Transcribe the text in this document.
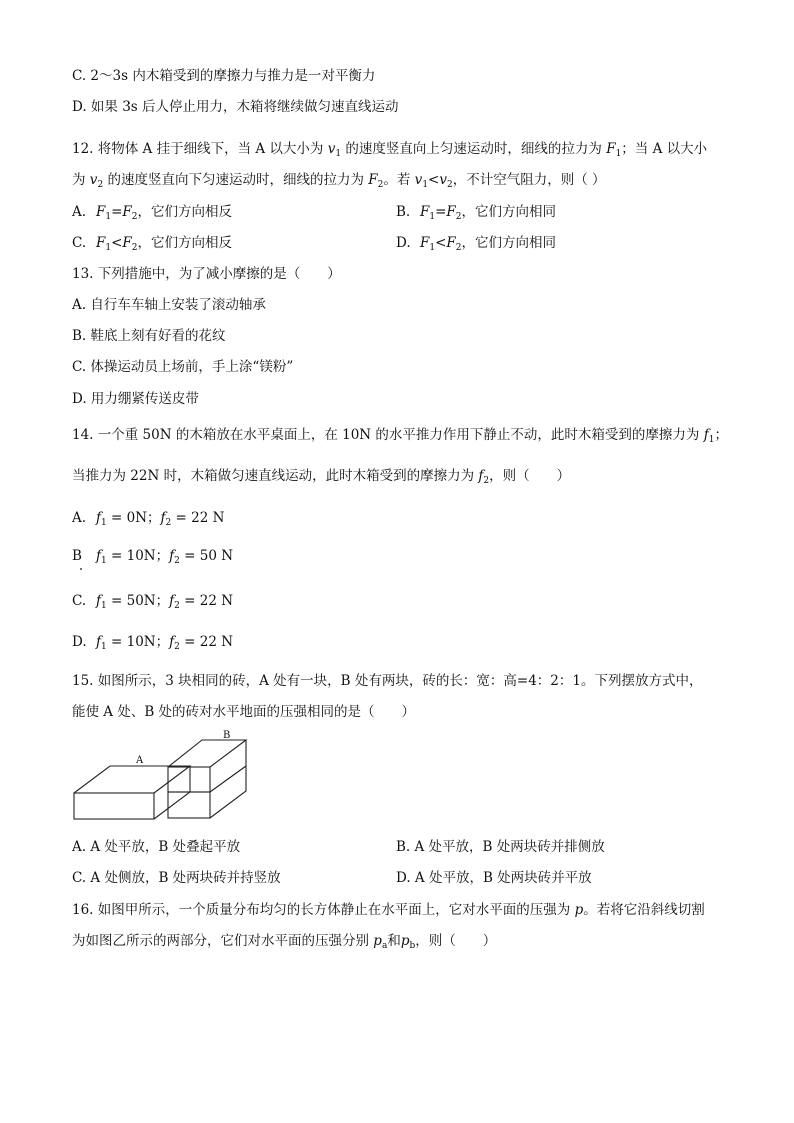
C. 2～3s 内木箱受到的摩擦力与推力是一对平衡力
D. 如果 3s 后人停止用力，木箱将继续做匀速直线运动
12. 将物体 A 挂于细线下，当 A 以大小为 $v_1$ 的速度竖直向上匀速运动时，细线的拉力为 $F_1$；当 A 以大小
为 $v_2$ 的速度竖直向下匀速运动时，细线的拉力为 $F_2$。若 $v_1<v_2$，不计空气阻力，则（ ）
A. $F_1=F_2$，它们方向相反	B. $F_1=F_2$，它们方向相同
C. $F_1<F_2$，它们方向相反	D. $F_1<F_2$，它们方向相同
13. 下列措施中，为了减小摩擦的是（　　）
A. 自行车车轴上安装了滚动轴承
B. 鞋底上刻有好看的花纹
C. 体操运动员上场前，手上涂“镁粉”
D. 用力绷紧传送皮带
14. 一个重 50N 的木箱放在水平桌面上，在 10N 的水平推力作用下静止不动，此时木箱受到的摩擦力为 $f_1$；
当推力为 22N 时，木箱做匀速直线运动，此时木箱受到的摩擦力为 $f_2$，则（　　）
A. $f_1 = 0N$；$f_2 = 22$ N
B $f_1 = 10N$；$f_2 = 50$ N
C. $f_1 = 50N$；$f_2 = 22$ N
D. $f_1 = 10N$；$f_2 = 22$ N
15. 如图所示，3 块相同的砖，A 处有一块，B 处有两块，砖的长：宽：高=4：2：1。下列摆放方式中，
能使 A 处、B 处的砖对水平地面的压强相同的是（　　）
A
B
A. A 处平放，B 处叠起平放	B. A 处平放，B 处两块砖并排侧放
C. A 处侧放，B 处两块砖并持竖放	D. A 处平放，B 处两块砖并平放
16. 如图甲所示，一个质量分布均匀的长方体静止在水平面上，它对水平面的压强为 p。若将它沿斜线切割
为如图乙所示的两部分，它们对水平面的压强分别 $p_a$和$p_b$，则（　　）
